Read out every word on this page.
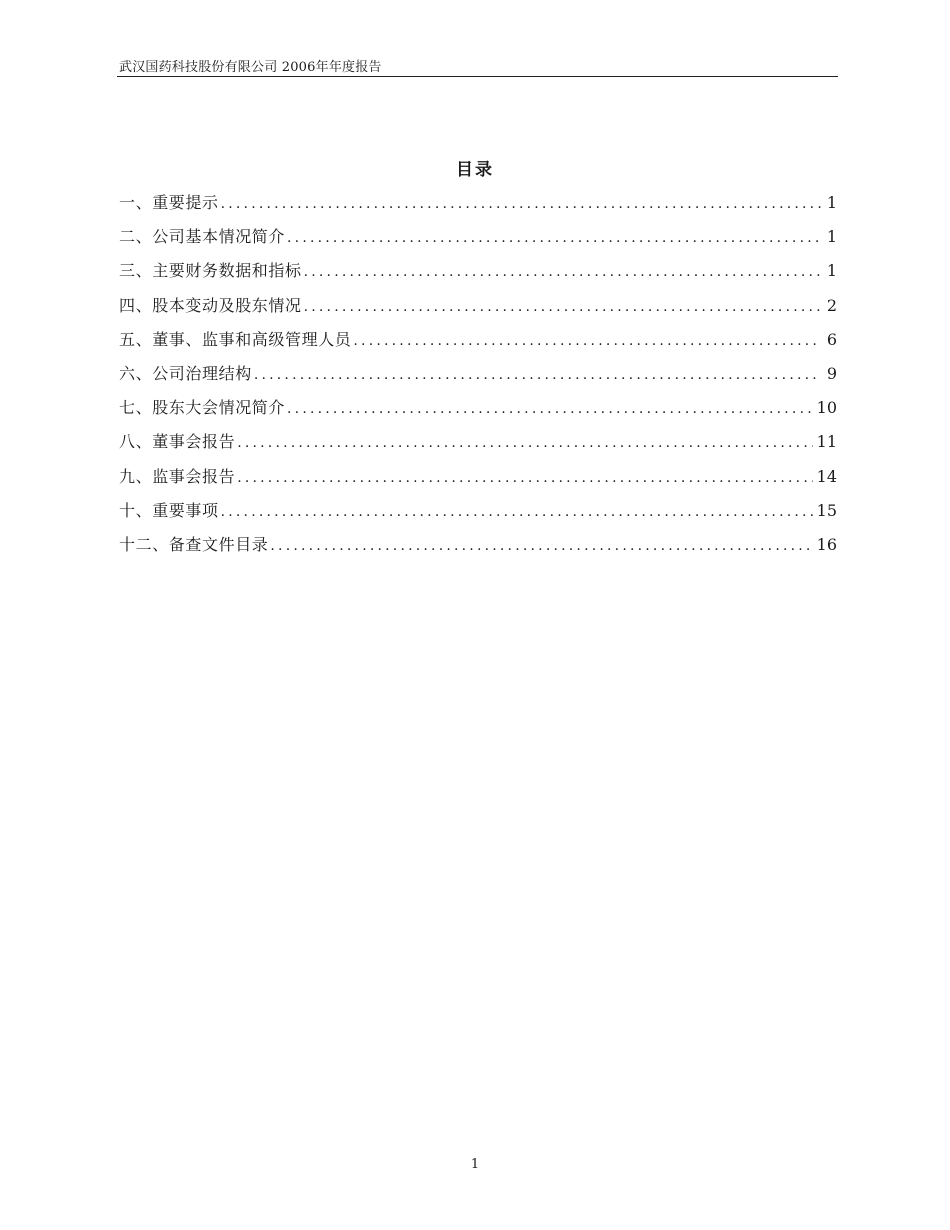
武汉国药科技股份有限公司 2006年年度报告
目录
一、重要提示 .....	1
二、公司基本情况简介 .....	1
三、主要财务数据和指标 .....	1
四、股本变动及股东情况 .....	2
五、董事、监事和高级管理人员 .....	6
六、公司治理结构 .....	9
七、股东大会情况简介 .....	10
八、董事会报告 .....	11
九、监事会报告 .....	14
十、重要事项 .....	15
十二、备查文件目录 .....	16
1
